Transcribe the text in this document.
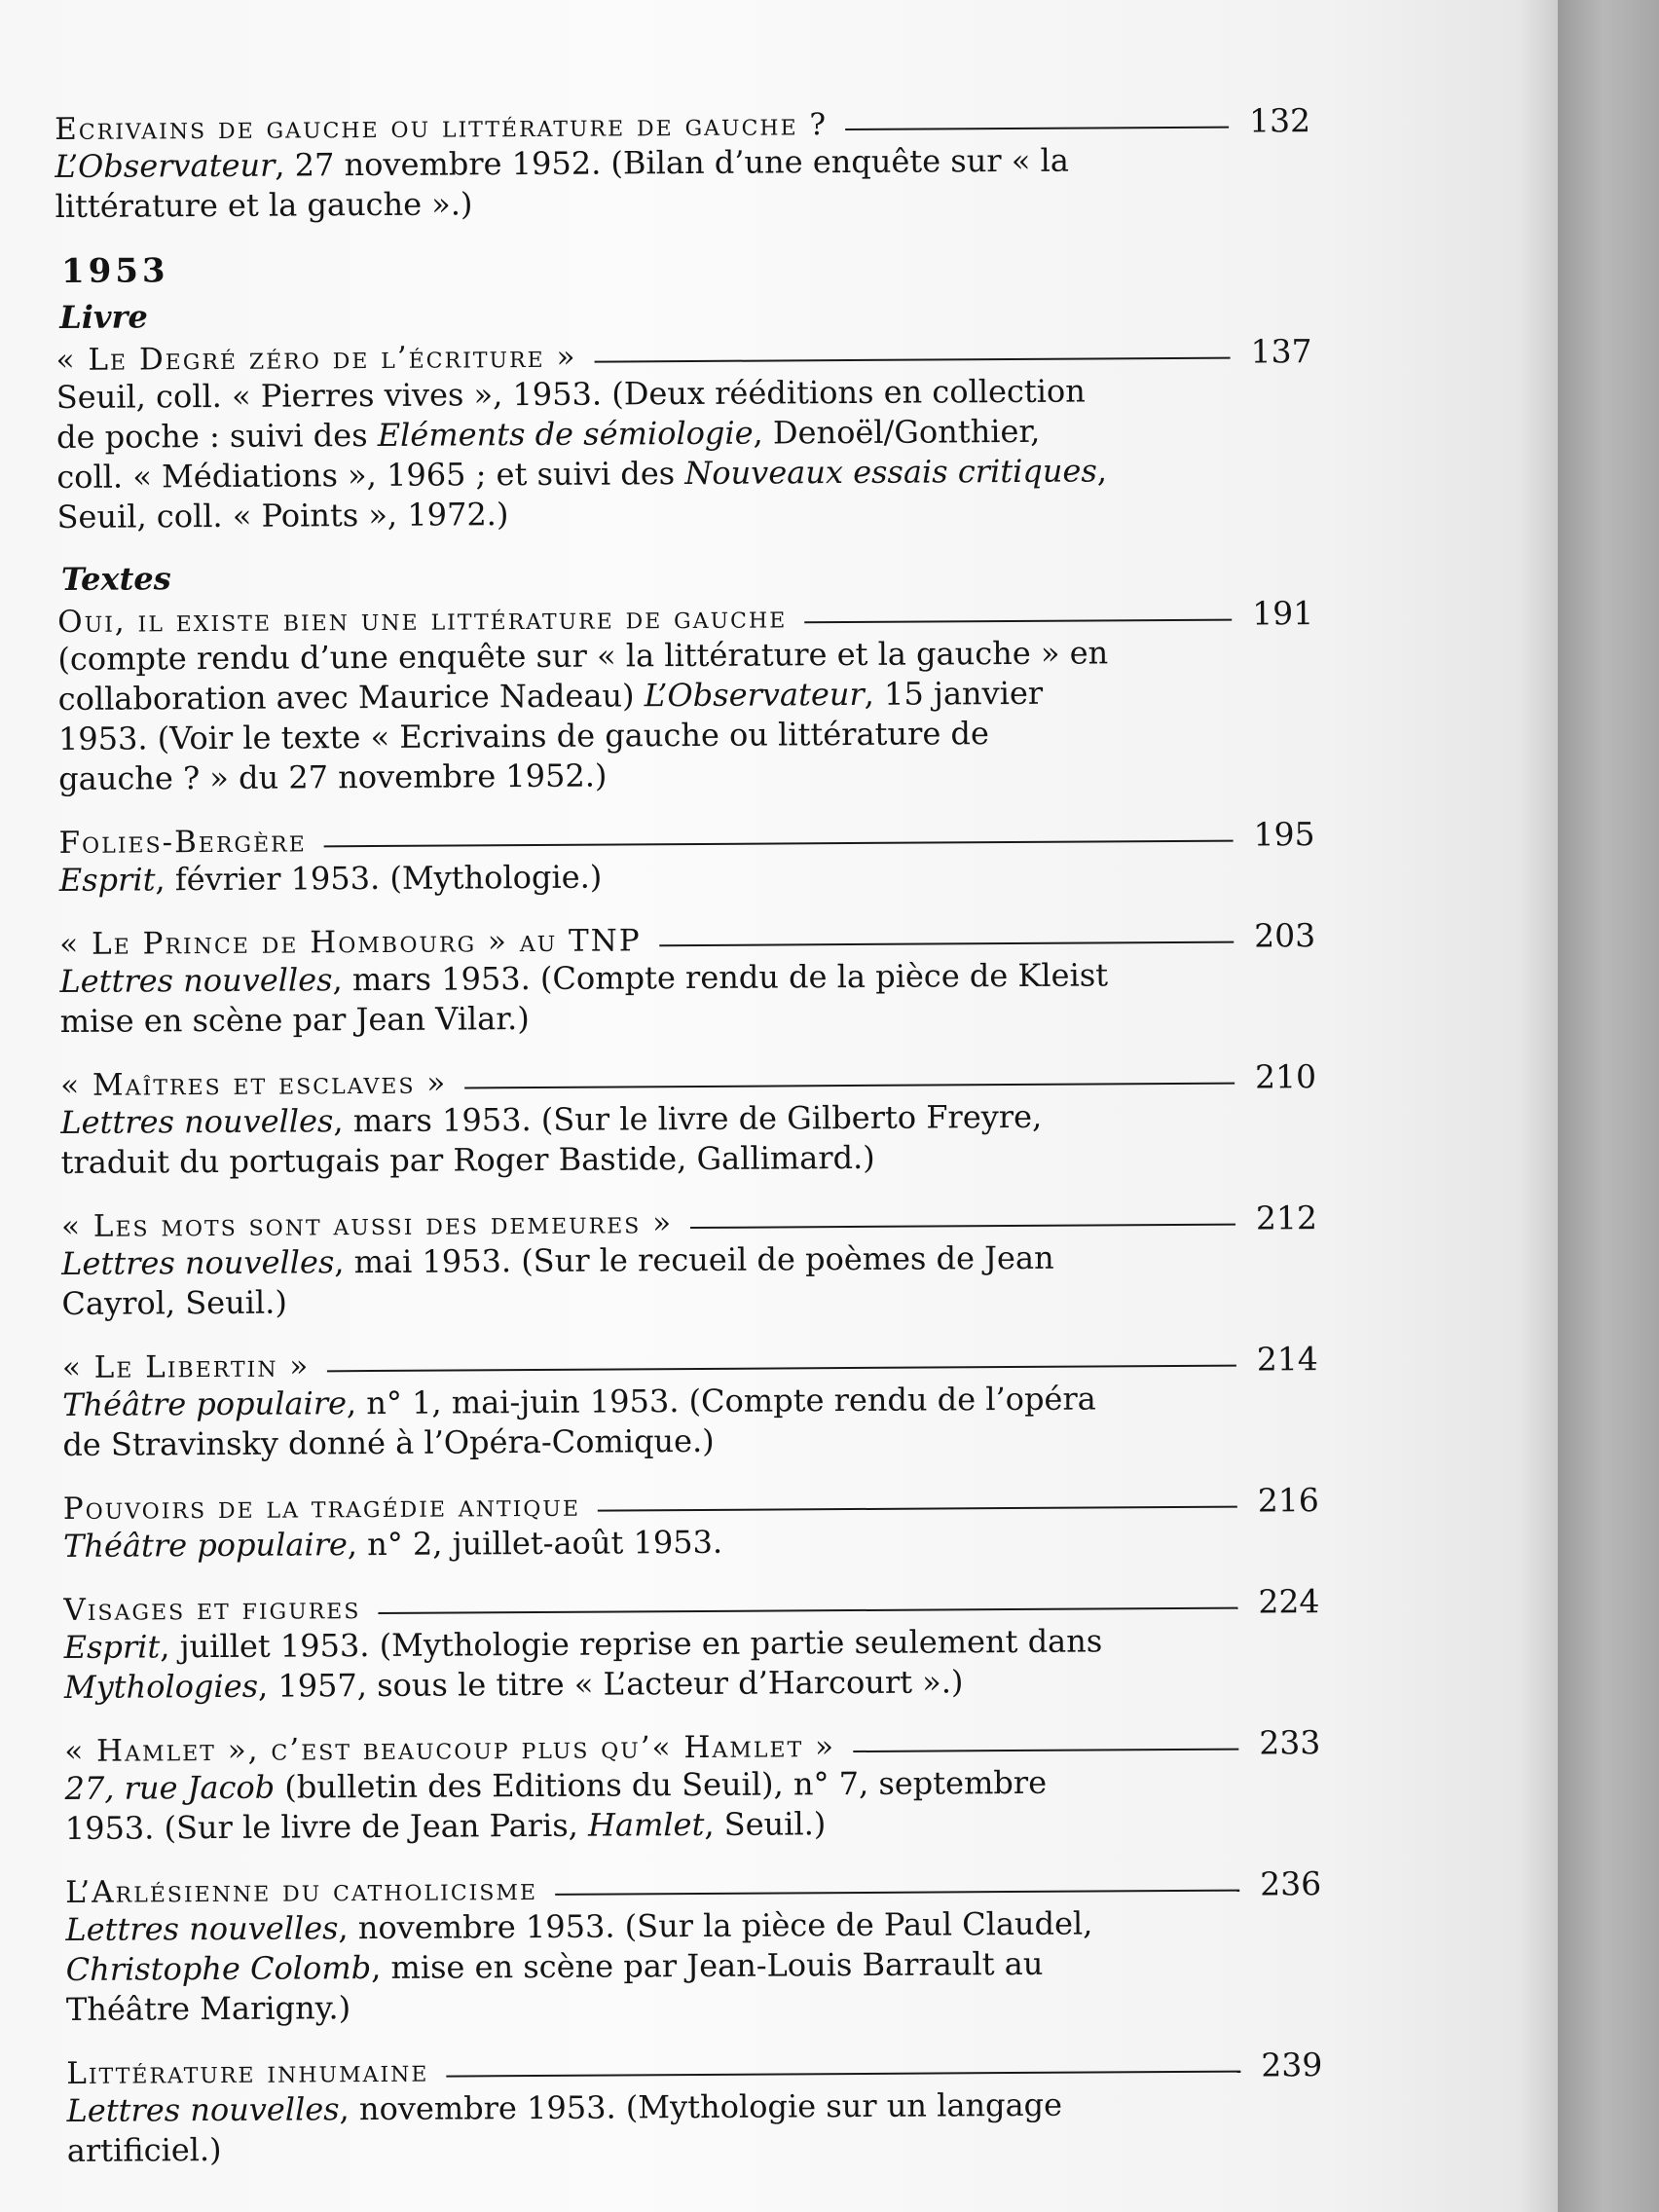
Ecrivains de gauche ou littérature de gauche ?	132
L’Observateur, 27 novembre 1952. (Bilan d’une enquête sur « la littérature et la gauche ».)
1953
Livre
« Le Degré zéro de l’écriture »	137
Seuil, coll. « Pierres vives », 1953. (Deux rééditions en collection de poche : suivi des Eléments de sémiologie, Denoël/Gonthier, coll. « Médiations », 1965 ; et suivi des Nouveaux essais critiques, Seuil, coll. « Points », 1972.)
Textes
Oui, il existe bien une littérature de gauche	191
(compte rendu d’une enquête sur « la littérature et la gauche » en collaboration avec Maurice Nadeau) L’Observateur, 15 janvier 1953. (Voir le texte « Ecrivains de gauche ou littérature de gauche ? » du 27 novembre 1952.)
Folies-Bergère	195
Esprit, février 1953. (Mythologie.)
« Le Prince de Hombourg » au TNP	203
Lettres nouvelles, mars 1953. (Compte rendu de la pièce de Kleist mise en scène par Jean Vilar.)
« Maîtres et esclaves »	210
Lettres nouvelles, mars 1953. (Sur le livre de Gilberto Freyre, traduit du portugais par Roger Bastide, Gallimard.)
« Les mots sont aussi des demeures »	212
Lettres nouvelles, mai 1953. (Sur le recueil de poèmes de Jean Cayrol, Seuil.)
« Le Libertin »	214
Théâtre populaire, n° 1, mai-juin 1953. (Compte rendu de l’opéra de Stravinsky donné à l’Opéra-Comique.)
Pouvoirs de la tragédie antique	216
Théâtre populaire, n° 2, juillet-août 1953.
Visages et figures	224
Esprit, juillet 1953. (Mythologie reprise en partie seulement dans Mythologies, 1957, sous le titre « L’acteur d’Harcourt ».)
« Hamlet », c’est beaucoup plus qu’« Hamlet »	233
27, rue Jacob (bulletin des Editions du Seuil), n° 7, septembre 1953. (Sur le livre de Jean Paris, Hamlet, Seuil.)
L’Arlésienne du catholicisme	236
Lettres nouvelles, novembre 1953. (Sur la pièce de Paul Claudel, Christophe Colomb, mise en scène par Jean-Louis Barrault au Théâtre Marigny.)
Littérature inhumaine	239
Lettres nouvelles, novembre 1953. (Mythologie sur un langage artificiel.)
